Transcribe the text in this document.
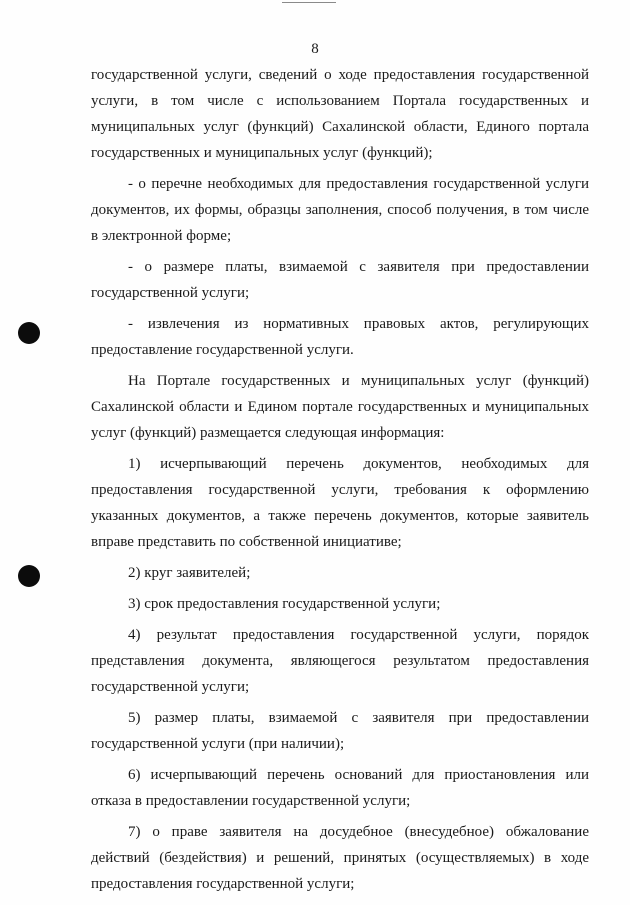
8

государственной услуги, сведений о ходе предоставления государственной услуги, в том числе с использованием Портала государственных и муниципальных услуг (функций) Сахалинской области, Единого портала государственных и муниципальных услуг (функций);

- о перечне необходимых для предоставления государственной услуги документов, их формы, образцы заполнения, способ получения, в том числе в электронной форме;

- о размере платы, взимаемой с заявителя при предоставлении государственной услуги;

- извлечения из нормативных правовых актов, регулирующих предоставление государственной услуги.

На Портале государственных и муниципальных услуг (функций) Сахалинской области и Едином портале государственных и муниципальных услуг (функций) размещается следующая информация:

1) исчерпывающий перечень документов, необходимых для предоставления государственной услуги, требования к оформлению указанных документов, а также перечень документов, которые заявитель вправе представить по собственной инициативе;

2) круг заявителей;

3) срок предоставления государственной услуги;

4) результат предоставления государственной услуги, порядок представления документа, являющегося результатом предоставления государственной услуги;

5) размер платы, взимаемой с заявителя при предоставлении государственной услуги (при наличии);

6) исчерпывающий перечень оснований для приостановления или отказа в предоставлении государственной услуги;

7) о праве заявителя на досудебное (внесудебное) обжалование действий (бездействия) и решений, принятых (осуществляемых) в ходе предоставления государственной услуги;
